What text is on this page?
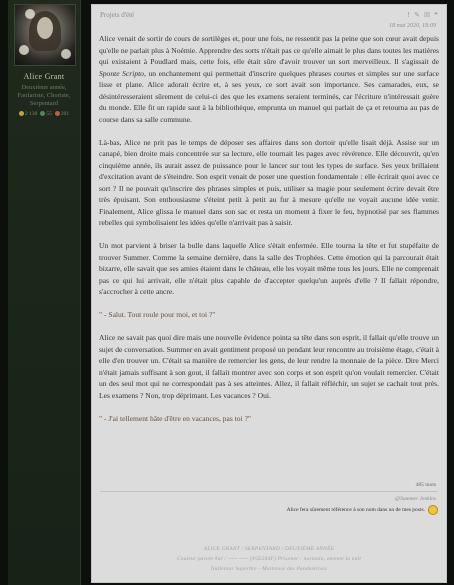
Alice Grant
Deuxième année, Fanfariste, Choriste, Serpentard
2 130	55	201
Projets d'été	! ✎ ☒ ❝
18 mai 2020, 18:09

Alice venait de sortir de cours de sortilèges et, pour une fois, ne ressentit pas la peine que son cœur avait depuis qu'elle ne parlait plus à Noémie. Apprendre des sorts n'était pas ce qu'elle aimait le plus dans toutes les matières qui existaient à Poudlard mais, cette fois, elle était sûre d'avoir trouver un sort merveilleux. Il s'agissait de Sponte Scripto, un enchantement qui permettait d'inscrire quelques phrases courtes et simples sur une surface lisse et plane. Alice adorait écrire et, à ses yeux, ce sort avait son importance. Ses camarades, eux, se désintéresseraient sûrement de celui-ci des que les examens seraient terminés, car l'écriture n'intéressait guère du monde. Elle fit un rapide saut à la bibliothèque, emprunta un manuel qui parlait de ça et retourna au pas de course dans sa salle commune.

Là-bas, Alice ne prit pas le temps de déposer ses affaires dans son dortoir qu'elle lisait déjà. Assise sur un canapé, bien droite mais concentrée sur sa lecture, elle tournait les pages avec révérence. Elle découvrit, qu'en cinquième année, ils aurait assez de puissance pour le lancer sur tout les types de surface. Ses yeux brillaient d'excitation avant de s'éteindre. Son esprit venait de poser une question fondamentale : elle écrirait quoi avec ce sort ? Il ne pouvait qu'inscrire des phrases simples et puis, utiliser sa magie pour seulement écrire devait être très épuisant. Son enthousiasme s'éteint petit à petit au fur à mesure qu'elle ne voyait aucune idée venir. Finalement, Alice glissa le manuel dans son sac et resta un moment à fixer le feu, hypnotisé par ses flammes rebelles qui symbolisaient les idées qu'elle n'arrivait pas à saisir.

Un mot parvient à briser la bulle dans laquelle Alice s'était enfermée. Elle tourna la tête et fut stupéfaite de trouver Summer. Comme la semaine dernière, dans la salle des Trophées. Cette émotion qui la parcourait était bizarre, elle savait que ses amies étaient dans le château, elle les voyait même tous les jours. Elle ne comprenait pas ce qui lui arrivait, elle n'était plus capable de d'accepter quelqu'un auprès d'elle ? Il fallait répondre, s'accrocher à cette ancre.

" - Salut. Tout roule pour moi, et toi ?"

Alice ne savait pas quoi dire mais une nouvelle évidence pointa sa tête dans son esprit, il fallait qu'elle trouve un sujet de conversation. Summer en avait gentiment proposé un pendant leur rencontre au troisième étage, c'était à elle d'en trouver un. C'était sa manière de remercier les gens, de leur rendre la monnaie de la pièce. Dire Merci n'était jamais suffisant à son gout, il fallait montrer avec son corps et son esprit qu'on voulait remercier. C'était un des seul mot qui ne correspondait pas à ses atteintes. Allez, il fallait réfléchir, un sujet se cachait tout près. Les examens ? Non, trop déprimant. Les vacances ? Oui.

" - J'ai tellement hâte d'être en vacances, pas toi ?"

485 mots
@Summer Jenkins
Alice fera sûrement référence à son nom dans un de mes posts.
ALICE GRANT / SERPENTARD / DEUXIÈME ANNÉE
Couleur parole #ar / ~~~ ~~~ (#5E244F) Prisoner : normalo, amenté la nuit
Nullentar Superbre - Maitresse des Pandemrises
